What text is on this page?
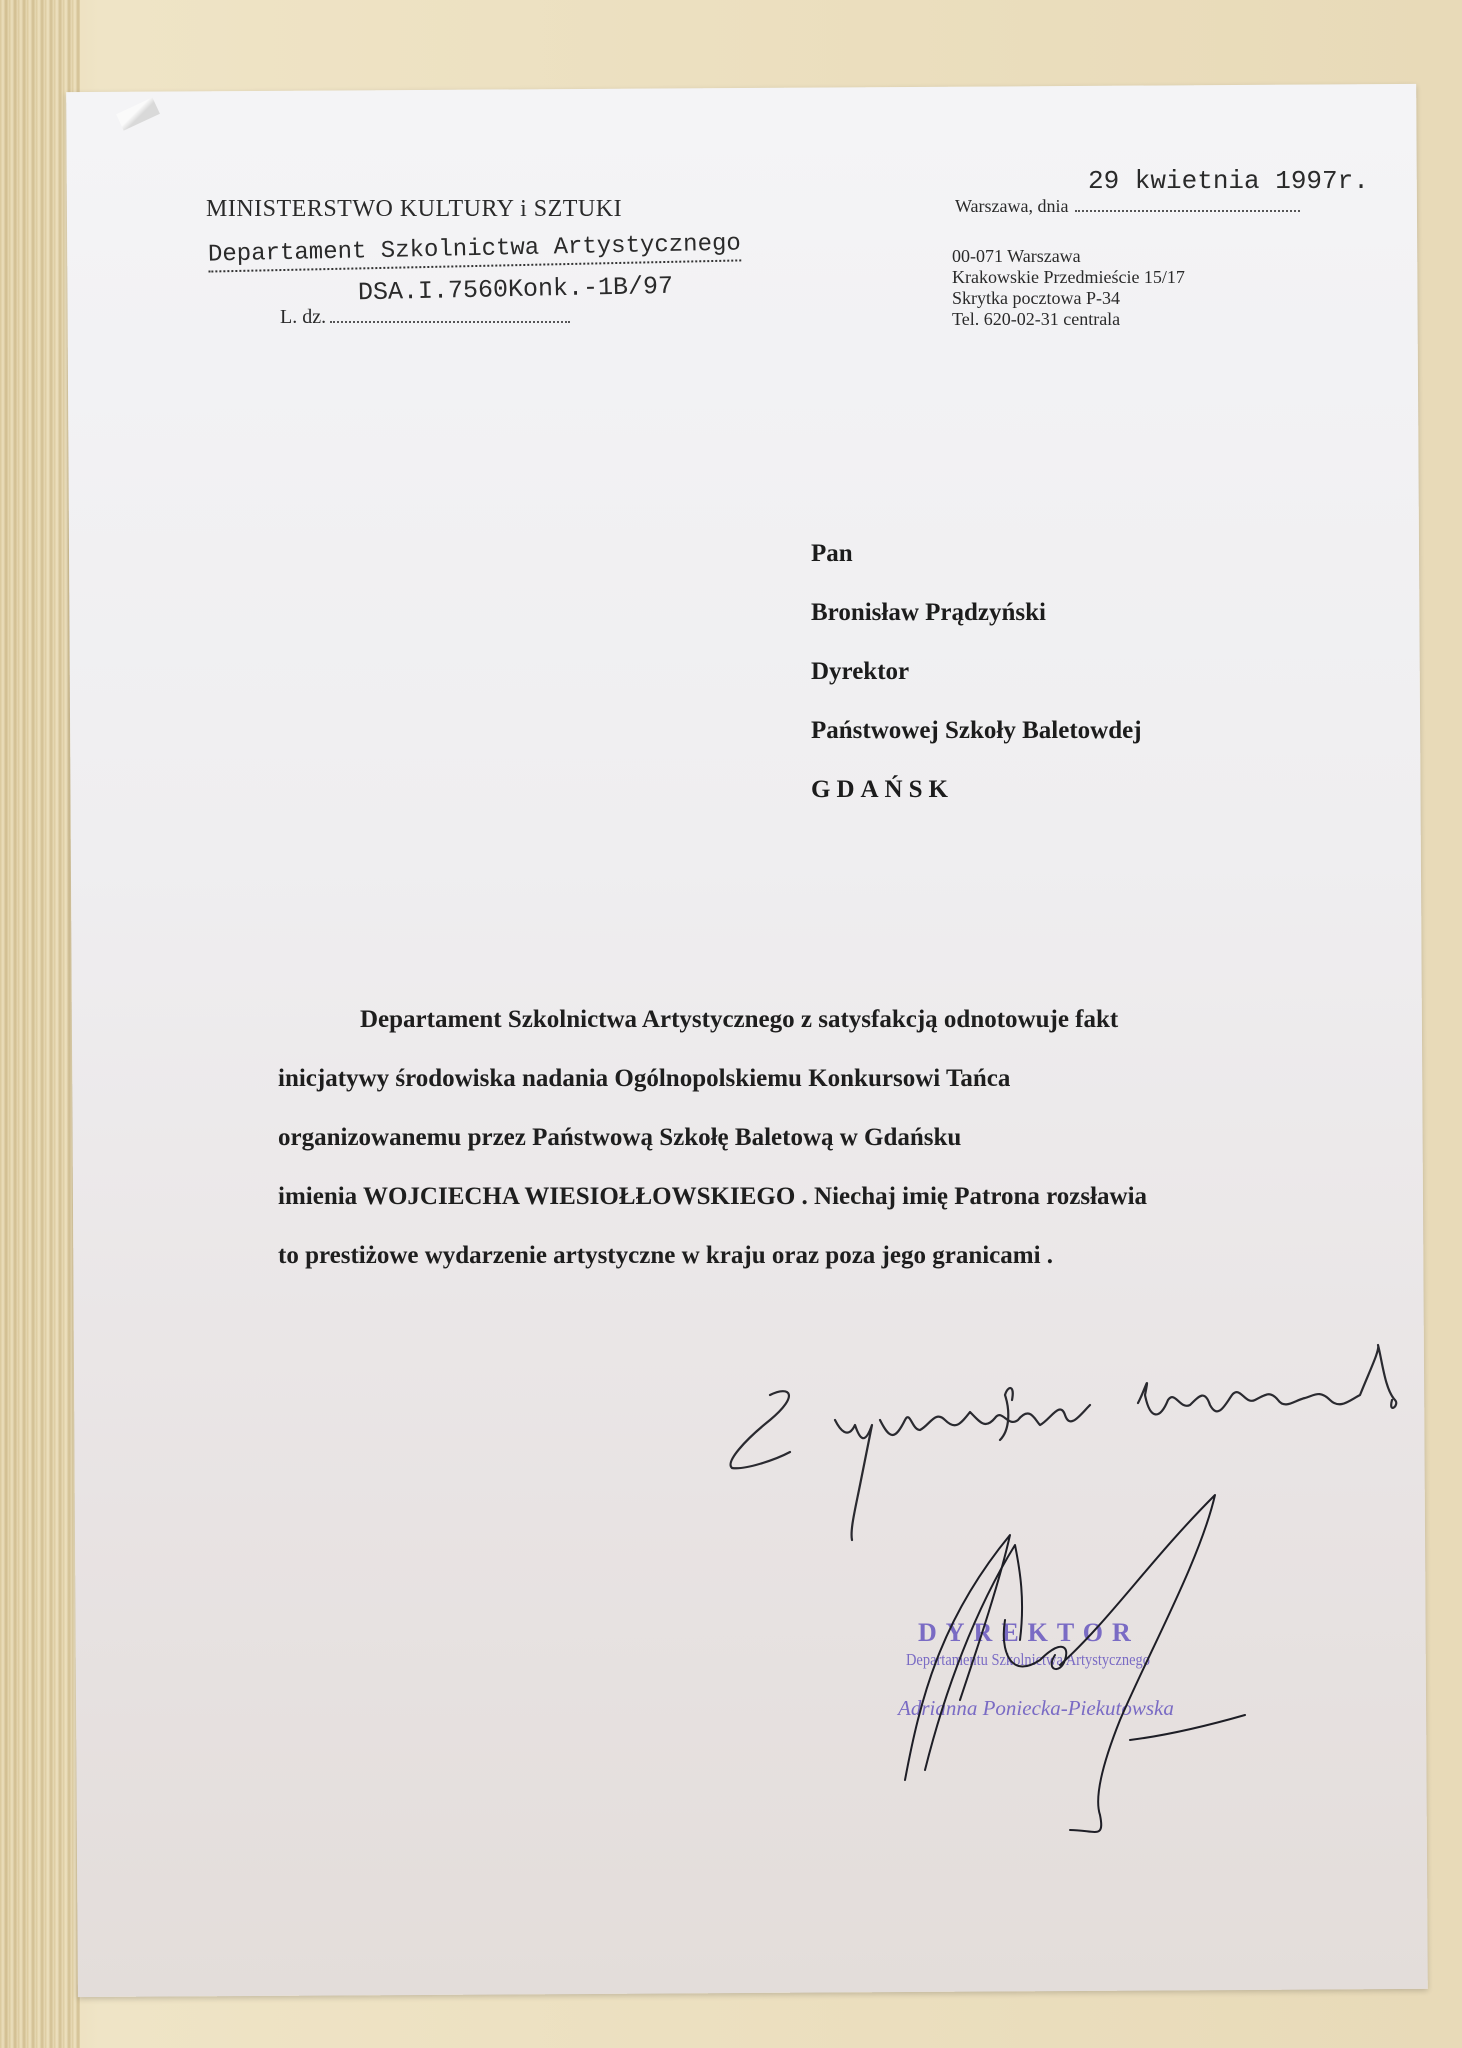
MINISTERSTWO KULTURY i SZTUKI
Departament Szkolnictwa Artystycznego
DSA.I.7560Konk.-1B/97
L. dz.
29 kwietnia 1997r.
Warszawa, dnia
00-071 Warszawa
Krakowskie Przedmieście 15/17
Skrytka pocztowa P-34
Tel. 620-02-31 centrala
Pan
Bronisław Prądzyński
Dyrektor
Państwowej Szkoły Baletowdej
GDAŃSK
Departament Szkolnictwa Artystycznego z satysfakcją odnotowuje fakt
inicjatywy środowiska nadania Ogólnopolskiemu Konkursowi Tańca
organizowanemu przez Państwową Szkołę Baletową w Gdańsku
imienia WOJCIECHA WIESIOŁŁOWSKIEGO . Niechaj imię Patrona rozsławia
to prestiżowe wydarzenie artystyczne w kraju oraz poza jego granicami .
DYREKTOR
Departamentu Szkolnictwa Artystycznego
Adrianna Poniecka-Piekutowska
